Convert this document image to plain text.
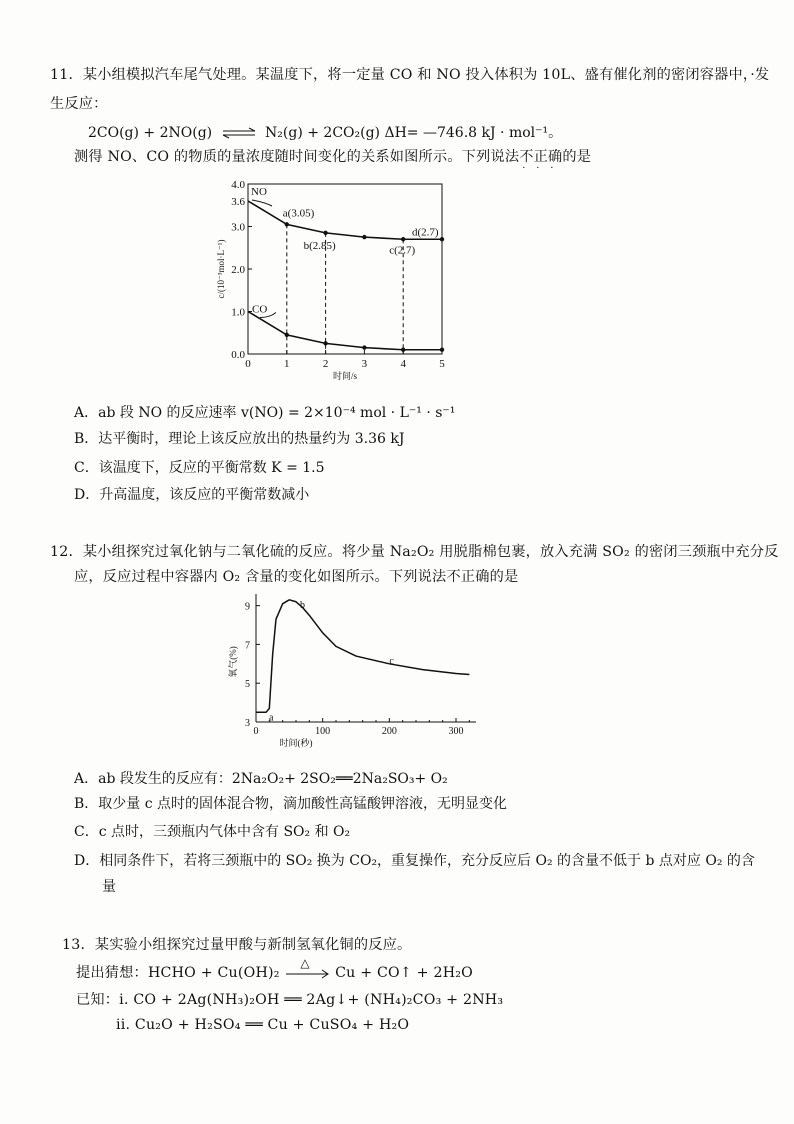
11．某小组模拟汽车尾气处理。某温度下，将一定量 CO 和 NO 投入体积为 10L、盛有催化剂的密闭容器中，·发
生反应：
2CO(g) + 2NO(g) ⇌ N₂(g) + 2CO₂(g) ΔH= —746.8 kJ · mol⁻¹。
测得 NO、CO 的物质的量浓度随时间变化的关系如图所示。下列说法不正确
· · ·
的是
0.0
1.0
2.0
3.0
4.0
3.6
0	1	2	3	4	5
时间/s
c/(10⁻³mol·L⁻¹)
NO
CO
a(3.05)
b(2.85)	c(2.7)
d(2.7)
A．ab 段 NO 的反应速率 v(NO) = 2×10⁻⁴ mol · L⁻¹ · s⁻¹
B．达平衡时，理论上该反应放出的热量约为 3.36 kJ
C．该温度下，反应的平衡常数 K = 1.5
D．升高温度，该反应的平衡常数减小
12．某小组探究过氧化钠与二氧化硫的反应。将少量 Na₂O₂ 用脱脂棉包裹，放入充满 SO₂ 的密闭三颈瓶中充分反
应，反应过程中容器内 O₂ 含量的变化如图所示。下列说法不正确的是
3
5
7
9
0	100	200	300
时间(秒)
氧气(%)
a
b
c
A．ab 段发生的反应有：2Na₂O₂+ 2SO₂══2Na₂SO₃+ O₂
B．取少量 c 点时的固体混合物，滴加酸性高锰酸钾溶液，无明显变化
C．c 点时，三颈瓶内气体中含有 SO₂ 和 O₂
D．相同条件下，若将三颈瓶中的 SO₂ 换为 CO₂，重复操作，充分反应后 O₂ 的含量不低于 b 点对应 O₂ 的含
量
13．某实验小组探究过量甲酸与新制氢氧化铜的反应。
提出猜想：HCHO + Cu(OH)₂
△
Cu + CO↑ + 2H₂O
已知：i. CO + 2Ag(NH₃)₂OH ══ 2Ag↓+ (NH₄)₂CO₃ + 2NH₃
ii. Cu₂O + H₂SO₄ ══ Cu + CuSO₄ + H₂O
